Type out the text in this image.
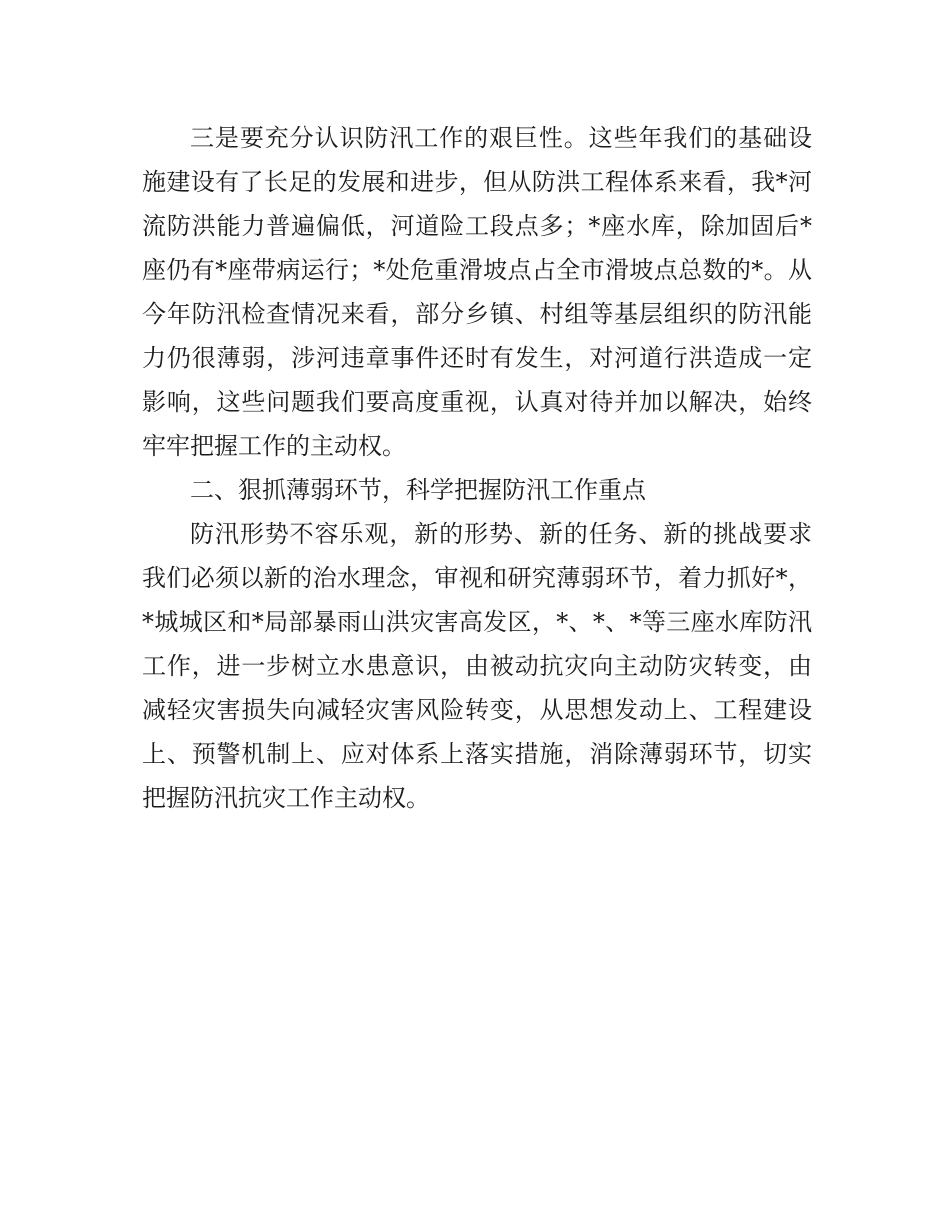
三是要充分认识防汛工作的艰巨性。这些年我们的基础设施建设有了长足的发展和进步，但从防洪工程体系来看，我*河流防洪能力普遍偏低，河道险工段点多；*座水库，除加固后*座仍有*座带病运行；*处危重滑坡点占全市滑坡点总数的*。从今年防汛检查情况来看，部分乡镇、村组等基层组织的防汛能力仍很薄弱，涉河违章事件还时有发生，对河道行洪造成一定影响，这些问题我们要高度重视，认真对待并加以解决，始终牢牢把握工作的主动权。

二、狠抓薄弱环节，科学把握防汛工作重点

防汛形势不容乐观，新的形势、新的任务、新的挑战要求我们必须以新的治水理念，审视和研究薄弱环节，着力抓好*，*城城区和*局部暴雨山洪灾害高发区，*、*、*等三座水库防汛工作，进一步树立水患意识，由被动抗灾向主动防灾转变，由减轻灾害损失向减轻灾害风险转变，从思想发动上、工程建设上、预警机制上、应对体系上落实措施，消除薄弱环节，切实把握防汛抗灾工作主动权。
